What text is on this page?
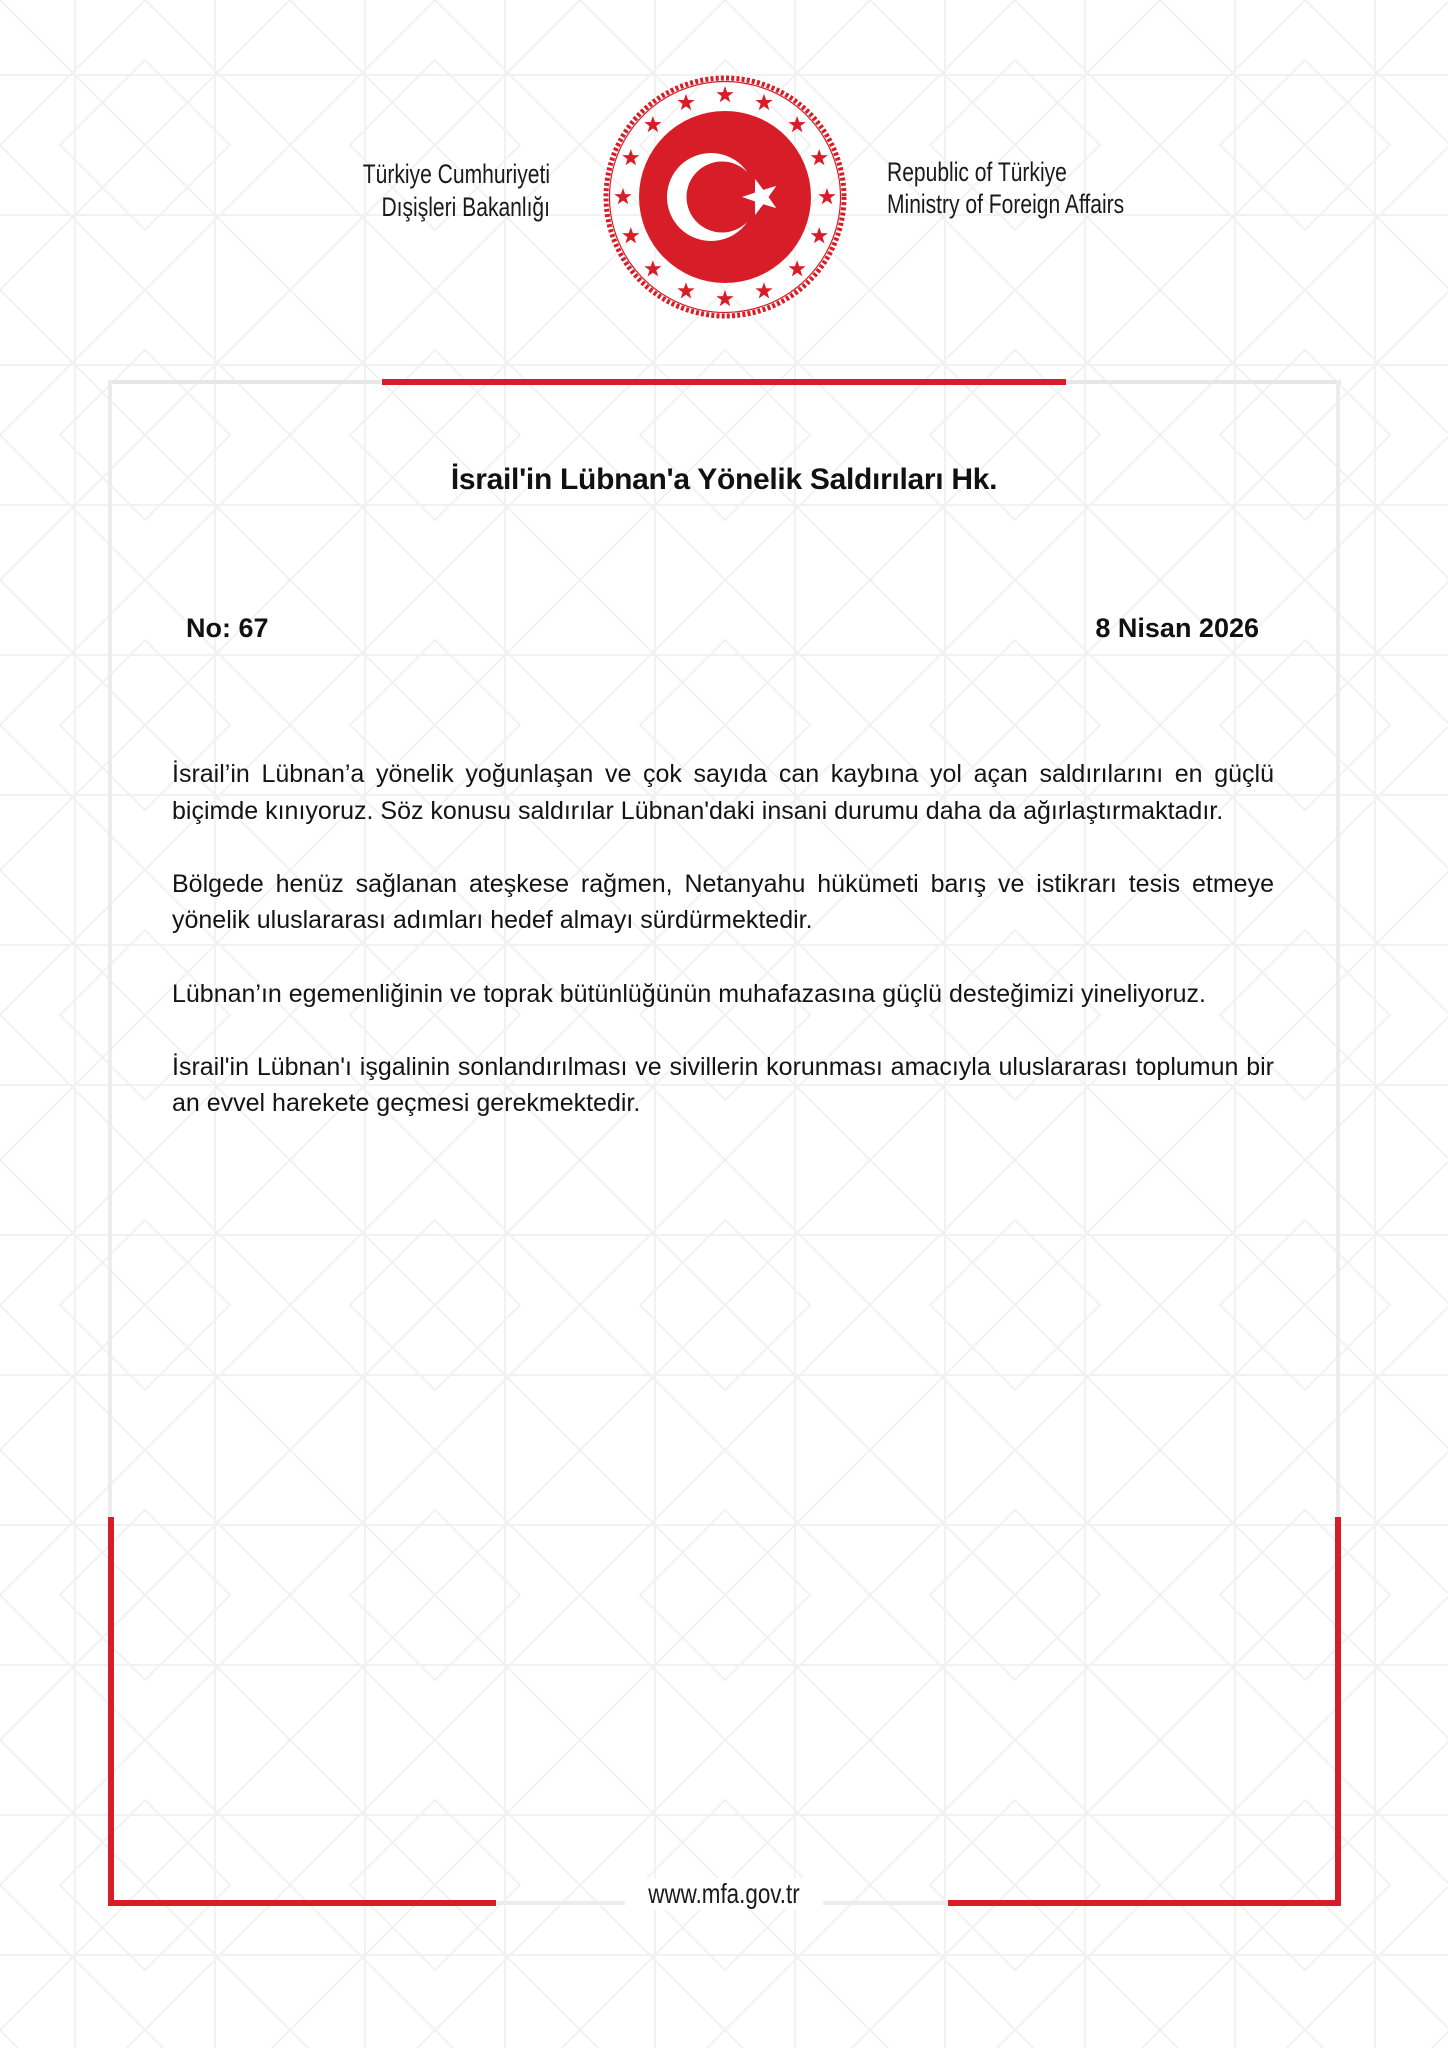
Türkiye Cumhuriyeti
Dışişleri Bakanlığı
Republic of Türkiye
Ministry of Foreign Affairs
İsrail'in Lübnan'a Yönelik Saldırıları Hk.
No: 67	8 Nisan 2026

İsrail’in Lübnan’a yönelik yoğunlaşan ve çok sayıda can kaybına yol açan saldırılarını en güçlü biçimde kınıyoruz. Söz konusu saldırılar Lübnan'daki insani durumu daha da ağırlaştırmaktadır.

Bölgede henüz sağlanan ateşkese rağmen, Netanyahu hükümeti barış ve istikrarı tesis etmeye yönelik uluslararası adımları hedef almayı sürdürmektedir.

Lübnan’ın egemenliğinin ve toprak bütünlüğünün muhafazasına güçlü desteğimizi yineliyoruz.

İsrail'in Lübnan'ı işgalinin sonlandırılması ve sivillerin korunması amacıyla uluslararası toplumun bir an evvel harekete geçmesi gerekmektedir.

www.mfa.gov.tr
